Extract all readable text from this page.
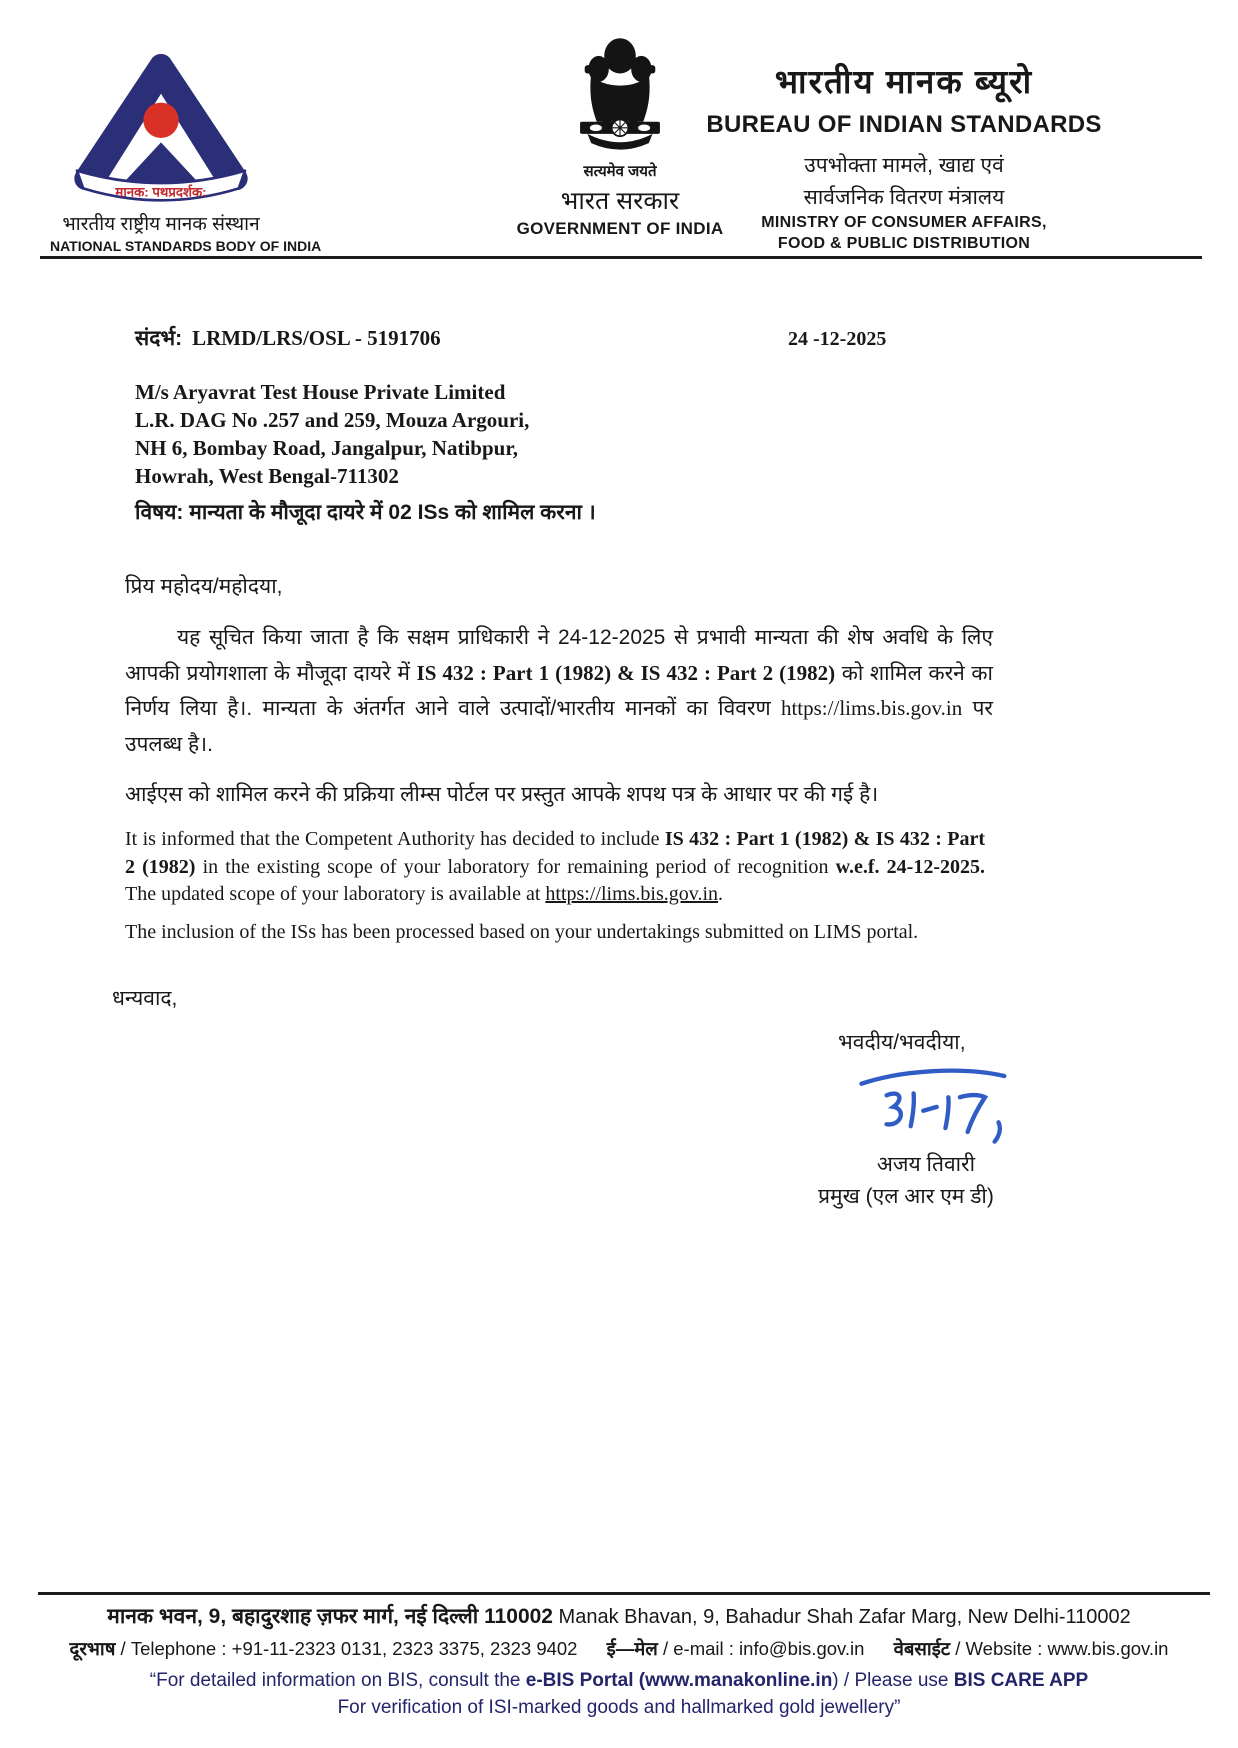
मानक: पथप्रदर्शक:
भारतीय राष्ट्रीय मानक संस्थान
NATIONAL STANDARDS BODY OF INDIA
सत्यमेव जयते
भारत सरकार
GOVERNMENT OF INDIA
भारतीय मानक ब्यूरो
BUREAU OF INDIAN STANDARDS
उपभोक्ता मामले, खाद्य एवं
सार्वजनिक वितरण मंत्रालय
MINISTRY OF CONSUMER AFFAIRS,
FOOD & PUBLIC DISTRIBUTION
संदर्भ: LRMD/LRS/OSL - 5191706	24 -12-2025
M/s Aryavrat Test House Private Limited
L.R. DAG No .257 and 259, Mouza Argouri,
NH 6, Bombay Road, Jangalpur, Natibpur,
Howrah, West Bengal-711302
विषय: मान्यता के मौजूदा दायरे में 02 ISs को शामिल करना ।
प्रिय महोदय/महोदया,
यह सूचित किया जाता है कि सक्षम प्राधिकारी ने 24-12-2025 से प्रभावी मान्यता की शेष अवधि के लिए आपकी प्रयोगशाला के मौजूदा दायरे में IS 432 : Part 1 (1982) & IS 432 : Part 2 (1982) को शामिल करने का निर्णय लिया है।. मान्यता के अंतर्गत आने वाले उत्पादों/भारतीय मानकों का विवरण https://lims.bis.gov.in पर उपलब्ध है।.
आईएस को शामिल करने की प्रक्रिया लीम्स पोर्टल पर प्रस्तुत आपके शपथ पत्र के आधार पर की गई है।
It is informed that the Competent Authority has decided to include IS 432 : Part 1 (1982) & IS 432 : Part 2 (1982) in the existing scope of your laboratory for remaining period of recognition w.e.f. 24-12-2025. The updated scope of your laboratory is available at https://lims.bis.gov.in.
The inclusion of the ISs has been processed based on your undertakings submitted on LIMS portal.
धन्यवाद,
भवदीय/भवदीया,
अजय तिवारी
प्रमुख (एल आर एम डी)
मानक भवन, 9, बहादुरशाह ज़फर मार्ग, नई दिल्ली 110002 Manak Bhavan, 9, Bahadur Shah Zafar Marg, New Delhi-110002
दूरभाष / Telephone : +91-11-2323 0131, 2323 3375, 2323 9402 ई—मेल / e-mail : info@bis.gov.in वेबसाईट / Website : www.bis.gov.in
“For detailed information on BIS, consult the e-BIS Portal (www.manakonline.in) / Please use BIS CARE APP
For verification of ISI-marked goods and hallmarked gold jewellery”
